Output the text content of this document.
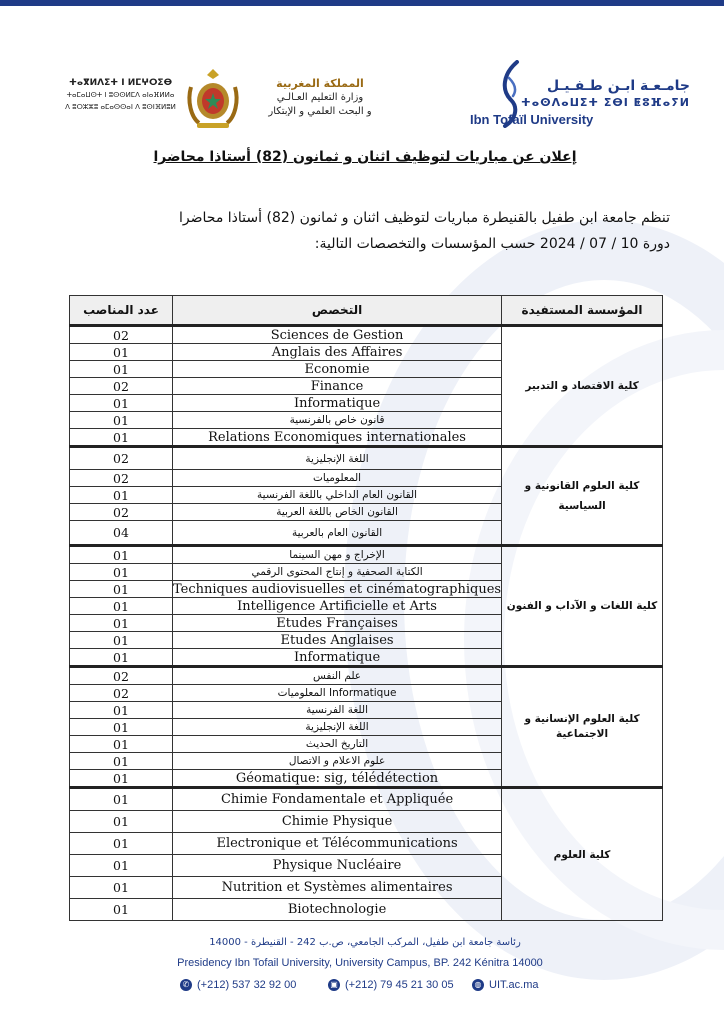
جامـعـة ابـن طـفـيـل
ⵜⴰⵙⴷⴰⵡⵉⵜ ⵉⴱⵏ ⵟⵓⴼⴰⵢⵍ
Ibn Tofaïl University
المملكة المغربية
وزارة التعليم العـالـي
و البحث العلمي و الإبتكار
ⵜⴰⴳⵍⴷⵉⵜ ⵏ ⵍⵎⵖⵔⵉⴱ
ⵜⴰⵎⴰⵡⵙⵜ ⵏ ⵓⵙⵙⵍⵎⴷ ⴰⵏⴰⴼⵍⵍⴰ
ⴷ ⵓⵔⵣⵣⵓ ⴰⵎⴰⵙⵙⴰⵏ ⴷ ⵓⵙⵏⴼⵍⵓⵍ
إعلان عن مباريات لتوظيف اثنان و ثمانون (82) أستاذا محاضرا
تنظم جامعة ابن طفيل بالقنيطرة مباريات لتوظيف اثنان و ثمانون (82) أستاذا محاضرا
دورة 10 / 07 / 2024 حسب المؤسسات والتخصصات التالية:
عدد المناصب	التخصص	المؤسسة المستفيدة
02	Sciences de Gestion	كلية الاقتصاد و التدبير
01	Anglais des Affaires	
01	Economie	
02	Finance	
01	Informatique	
01	قانون خاص بالفرنسية	
01	Relations Economiques internationales	
02	اللغة الإنجليزية	كلية العلوم القانونية و السياسية
02	المعلوميات	
01	القانون العام الداخلي باللغة الفرنسية	
02	القانون الخاص باللغة العربية	
04	القانون العام بالعربية	
01	الإخراج و مهن السينما	كلية اللغات و الآداب و الفنون
01	الكتابة الصحفية و إنتاج المحتوى الرقمي	
01	Techniques audiovisuelles et cinématographiques	
01	Intelligence Artificielle et Arts	
01	Etudes Françaises	
01	Etudes Anglaises	
01	Informatique	
02	علم النفس	كلية العلوم الإنسانية و الاجتماعية
02	Informatique المعلوميات	
01	اللغة الفرنسية	
01	اللغة الإنجليزية	
01	التاريخ الحديث	
01	علوم الاعلام و الاتصال	
01	Géomatique: sig, télédétection	
01	Chimie Fondamentale et Appliquée	كلية العلوم
01	Chimie Physique	
01	Electronique et Télécommunications	
01	Physique Nucléaire	
01	Nutrition et Systèmes alimentaires	
01	Biotechnologie	
رئاسة جامعة ابن طفيل، المركب الجامعي، ص.ب 242 - القنيطرة - 14000
Presidency Ibn Tofail University, University Campus, BP. 242 Kénitra 14000
✆ (+212) 537 32 92 00	▣ (+212) 79 45 21 30 05	◍ UIT.ac.ma
